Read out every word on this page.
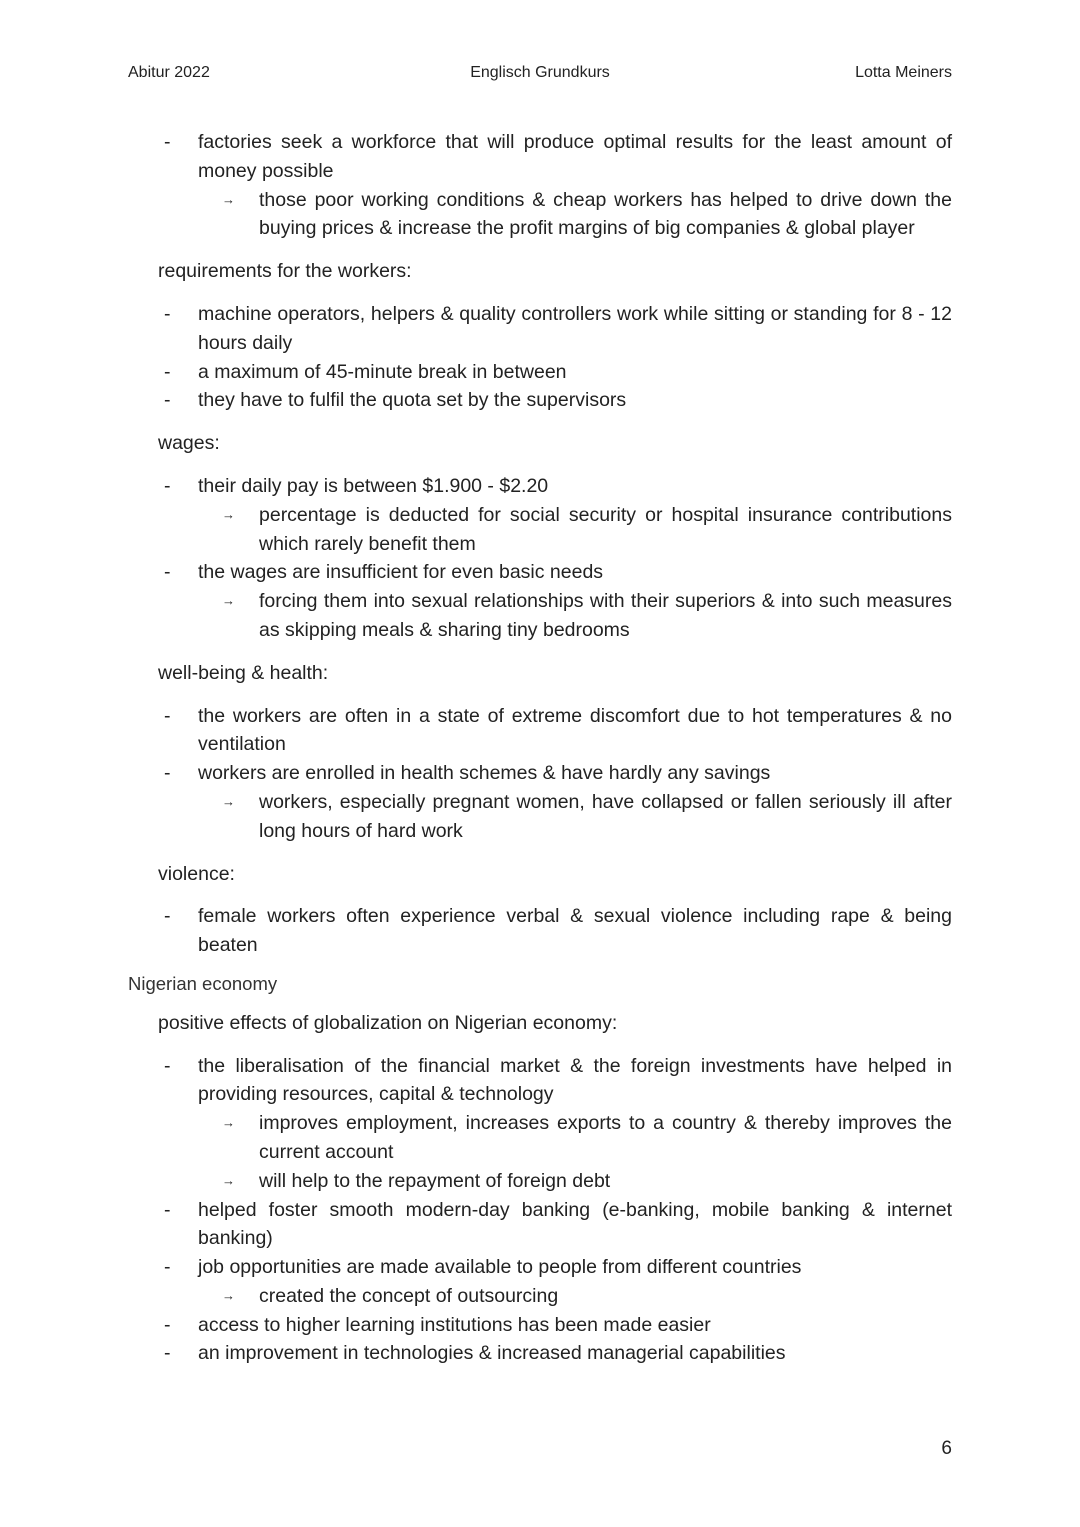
Abitur 2022	Englisch Grundkurs	Lotta Meiners
- factories seek a workforce that will produce optimal results for the least amount of money possible
→ those poor working conditions & cheap workers has helped to drive down the buying prices & increase the profit margins of big companies & global player
requirements for the workers:
- machine operators, helpers & quality controllers work while sitting or standing for 8 - 12 hours daily
- a maximum of 45-minute break in between
- they have to fulfil the quota set by the supervisors
wages:
- their daily pay is between $1.900 - $2.20
→ percentage is deducted for social security or hospital insurance contributions which rarely benefit them
- the wages are insufficient for even basic needs
→ forcing them into sexual relationships with their superiors & into such measures as skipping meals & sharing tiny bedrooms
well-being & health:
- the workers are often in a state of extreme discomfort due to hot temperatures & no ventilation
- workers are enrolled in health schemes & have hardly any savings
→ workers, especially pregnant women, have collapsed or fallen seriously ill after long hours of hard work
violence:
- female workers often experience verbal & sexual violence including rape & being beaten
Nigerian economy
positive effects of globalization on Nigerian economy:
- the liberalisation of the financial market & the foreign investments have helped in providing resources, capital & technology
→ improves employment, increases exports to a country & thereby improves the current account
→ will help to the repayment of foreign debt
- helped foster smooth modern-day banking (e-banking, mobile banking & internet banking)
- job opportunities are made available to people from different countries
→ created the concept of outsourcing
- access to higher learning institutions has been made easier
- an improvement in technologies & increased managerial capabilities
6
